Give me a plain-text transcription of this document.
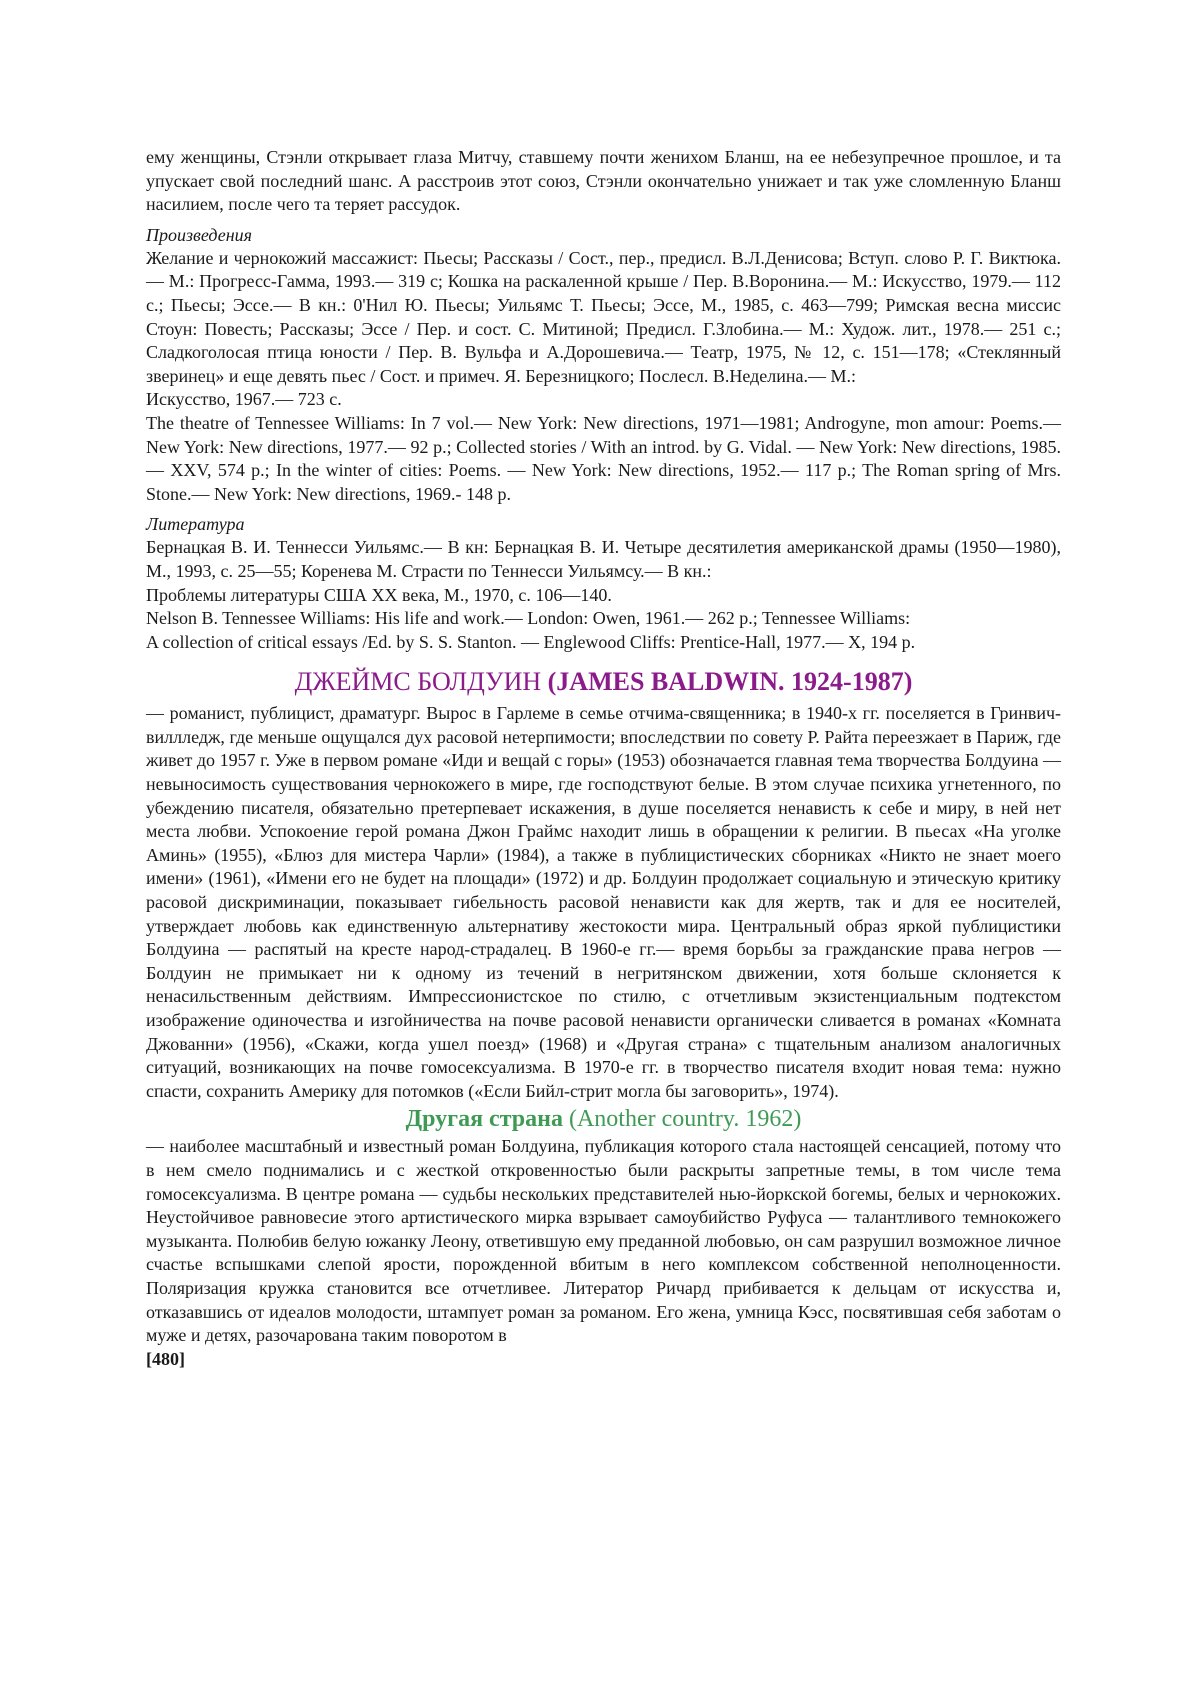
ему женщины, Стэнли открывает глаза Митчу, ставшему почти женихом Бланш, на ее небезупречное прошлое, и та упускает свой последний шанс. А расстроив этот союз, Стэнли окончательно унижает и так уже сломленную Бланш насилием, после чего та теряет рассудок.

Произведения

Желание и чернокожий массажист: Пьесы; Рассказы / Сост., пер., предисл. В.Л.Денисова; Вступ. слово Р. Г. Виктюка.— М.: Прогресс-Гамма, 1993.— 319 с; Кошка на раскаленной крыше / Пер. В.Воронина.— М.: Искусство, 1979.— 112 с.; Пьесы; Эссе.— В кн.: 0'Нил Ю. Пьесы; Уильямс Т. Пьесы; Эссе, М., 1985, с. 463—799; Римская весна миссис Стоун: Повесть; Рассказы; Эссе / Пер. и сост. С. Митиной; Предисл. Г.Злобина.— М.: Худож. лит., 1978.— 251 с.; Сладкоголосая птица юности / Пер. В. Вульфа и А.Дорошевича.— Театр, 1975, № 12, с. 151—178; «Стеклянный зверинец» и еще девять пьес / Сост. и примеч. Я. Березницкого; Послесл. В.Неделина.— М.:

Искусство, 1967.— 723 с.

The theatre of Tennessee Williams: In 7 vol.— New York: New directions, 1971—1981; Androgyne, mon amour: Poems.— New York: New directions, 1977.— 92 p.; Collected stories / With an introd. by G. Vidal. — New York: New directions, 1985. — XXV, 574 p.; In the winter of cities: Poems. — New York: New directions, 1952.— 117 p.; The Roman spring of Mrs. Stone.— New York: New directions, 1969.- 148 p.

Литература

Бернацкая В. И. Теннесси Уильямс.— В кн: Бернацкая В. И. Четыре десятилетия американской драмы (1950—1980), М., 1993, с. 25—55; Коренева М. Страсти по Теннесси Уильямсу.— В кн.:

Проблемы литературы США XX века, М., 1970, с. 106—140.

Nelson B. Tennessee Williams: His life and work.— London: Owen, 1961.— 262 p.; Tennessee Williams:

A collection of critical essays /Ed. by S. S. Stanton. — Englewood Cliffs: Prentice-Hall, 1977.— X, 194 p.

ДЖЕЙМС БОЛДУИН (JAMES BALDWIN. 1924-1987)

— романист, публицист, драматург. Вырос в Гарлеме в семье отчима-священника; в 1940-х гг. поселяется в Гринвич-виллледж, где меньше ощущался дух расовой нетерпимости; впоследствии по совету Р. Райта переезжает в Париж, где живет до 1957 г. Уже в первом романе «Иди и вещай с горы» (1953) обозначается главная тема творчества Болдуина — невыносимость существования чернокожего в мире, где господствуют белые. В этом случае психика угнетенного, по убеждению писателя, обязательно претерпевает искажения, в душе поселяется ненависть к себе и миру, в ней нет места любви. Успокоение герой романа Джон Граймс находит лишь в обращении к религии. В пьесах «На уголке Аминь» (1955), «Блюз для мистера Чарли» (1984), а также в публицистических сборниках «Никто не знает моего имени» (1961), «Имени его не будет на площади» (1972) и др. Болдуин продолжает социальную и этическую критику расовой дискриминации, показывает гибельность расовой ненависти как для жертв, так и для ее носителей, утверждает любовь как единственную альтернативу жестокости мира. Центральный образ яркой публицистики Болдуина — распятый на кресте народ-страдалец. В 1960-е гг.— время борьбы за гражданские права негров — Болдуин не примыкает ни к одному из течений в негритянском движении, хотя больше склоняется к ненасильственным действиям. Импрессионистское по стилю, с отчетливым экзистенциальным подтекстом изображение одиночества и изгойничества на почве расовой ненависти органически сливается в романах «Комната Джованни» (1956), «Скажи, когда ушел поезд» (1968) и «Другая страна» с тщательным анализом аналогичных ситуаций, возникающих на почве гомосексуализма. В 1970-е гг. в творчество писателя входит новая тема: нужно спасти, сохранить Америку для потомков («Если Бийл-стрит могла бы заговорить», 1974).

Другая страна (Another country. 1962)

— наиболее масштабный и известный роман Болдуина, публикация которого стала настоящей сенсацией, потому что в нем смело поднимались и с жесткой откровенностью были раскрыты запретные темы, в том числе тема гомосексуализма. В центре романа — судьбы нескольких представителей нью-йоркской богемы, белых и чернокожих. Неустойчивое равновесие этого артистического мирка взрывает самоубийство Руфуса — талантливого темнокожего музыканта. Полюбив белую южанку Леону, ответившую ему преданной любовью, он сам разрушил возможное личное счастье вспышками слепой ярости, порожденной вбитым в него комплексом собственной неполноценности. Поляризация кружка становится все отчетливее. Литератор Ричард прибивается к дельцам от искусства и, отказавшись от идеалов молодости, штампует роман за романом. Его жена, умница Кэсс, посвятившая себя заботам о муже и детях, разочарована таким поворотом в

[480]
